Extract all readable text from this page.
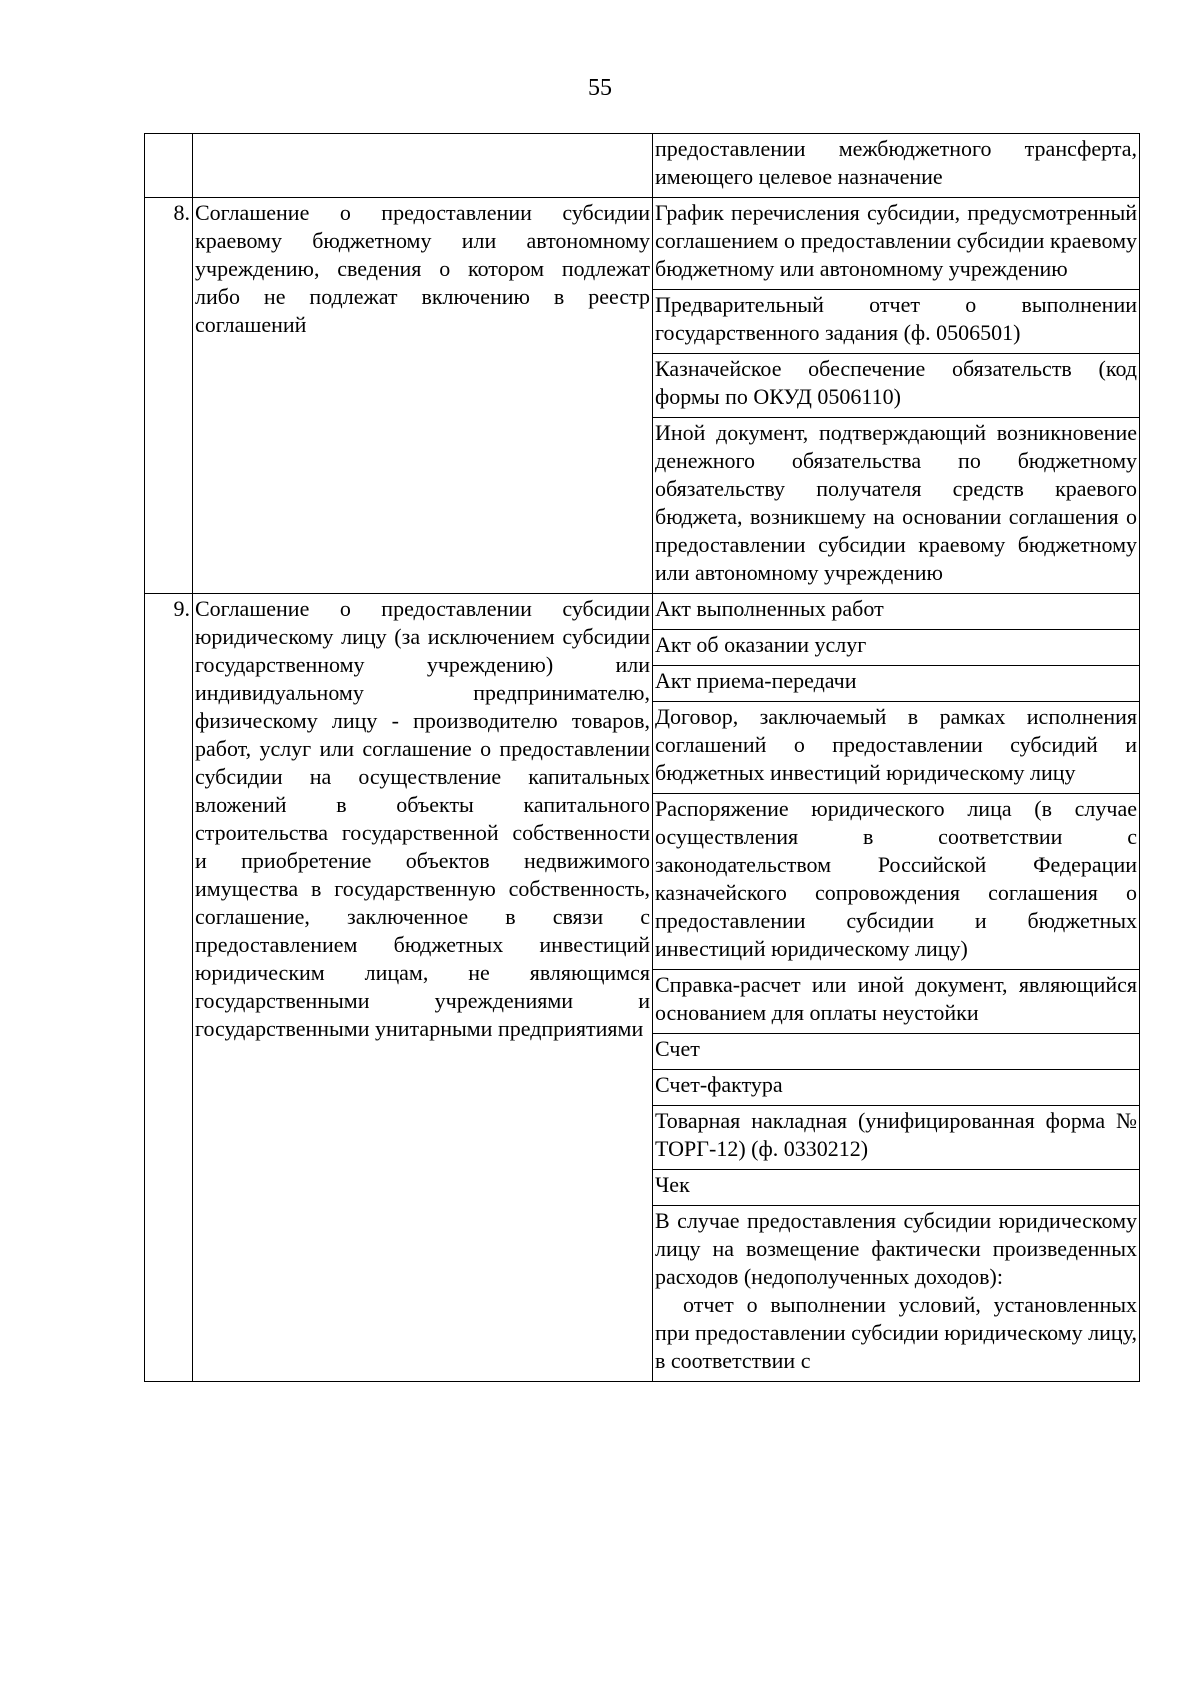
55
		предоставлении межбюджетного трансферта, имеющего целевое назначение
8.	Соглашение о предоставлении субсидии краевому бюджетному или автономному учреждению, сведения о котором подлежат либо не подлежат включению в реестр соглашений	График перечисления субсидии, предусмотренный соглашением о предоставлении субсидии краевому бюджетному или автономному учреждению
		Предварительный отчет о выполнении государственного задания (ф. 0506501)
		Казначейское обеспечение обязательств (код формы по ОКУД 0506110)
		Иной документ, подтверждающий возникновение денежного обязательства по бюджетному обязательству получателя средств краевого бюджета, возникшему на основании соглашения о предоставлении субсидии краевому бюджетному или автономному учреждению
9.	Соглашение о предоставлении субсидии юридическому лицу (за исключением субсидии государственному учреждению) или индивидуальному предпринимателю, физическому лицу - производителю товаров, работ, услуг или соглашение о предоставлении субсидии на осуществление капитальных вложений в объекты капитального строительства государственной собственности и приобретение объектов недвижимого имущества в государственную собственность, соглашение, заключенное в связи с предоставлением бюджетных инвестиций юридическим лицам, не являющимся государственными учреждениями и государственными унитарными предприятиями	Акт выполненных работ
		Акт об оказании услуг
		Акт приема-передачи
		Договор, заключаемый в рамках исполнения соглашений о предоставлении субсидий и бюджетных инвестиций юридическому лицу
		Распоряжение юридического лица (в случае осуществления в соответствии с законодательством Российской Федерации казначейского сопровождения соглашения о предоставлении субсидии и бюджетных инвестиций юридическому лицу)
		Справка-расчет или иной документ, являющийся основанием для оплаты неустойки
		Счет
		Счет-фактура
		Товарная накладная (унифицированная форма № ТОРГ-12) (ф. 0330212)
		Чек

		В случае предоставления субсидии юридическому лицу на возмещение фактически произведенных расходов (недополученных доходов):
отчет о выполнении условий, установленных при предоставлении субсидии юридическому лицу, в соответствии с
